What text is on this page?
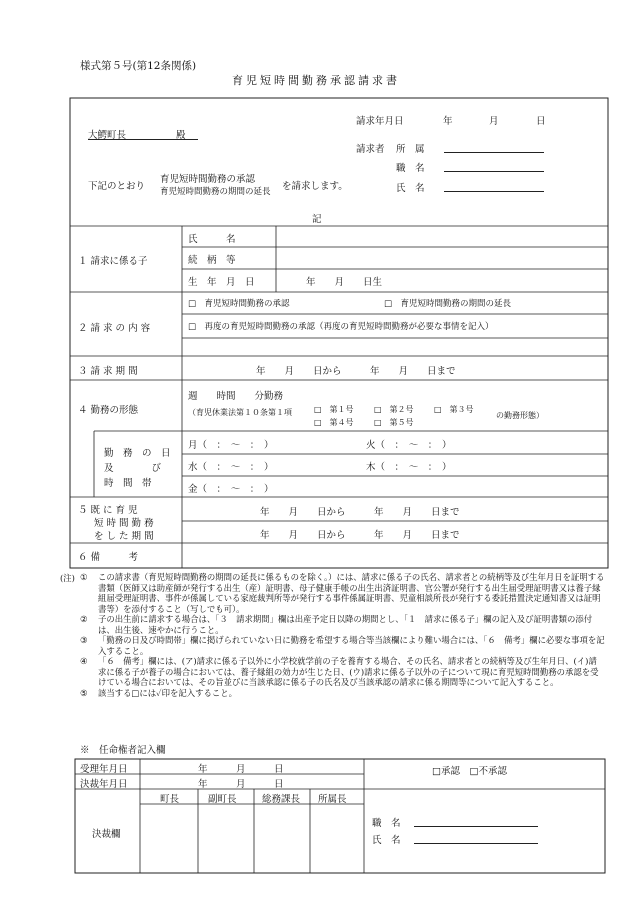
様式第５号(第12条関係)
育児短時間勤務承認請求書
請求年月日	年	月	日
大鰐町長	殿
請求者 所　属
職　名
氏　名
下記のとおり
育児短時間勤務の承認
育児短時間勤務の期間の延長 を請求します。
記
１ 請求に係る子
氏　　　名
続　柄　等
生　年　月　日	年　　月　　日生
２ 請 求 の 内 容
□　育児短時間勤務の承認	□　育児短時間勤務の期間の延長
□　再度の育児短時間勤務の承認（再度の育児短時間勤務が必要な事情を記入）
３ 請 求 期 間	年　　月　　日から　　　年　　月　　日まで
４ 勤務の形態
週　　時間　　分勤務
（育児休業法第１０条第１項	□　第１号	□　第２号	□　第３号
□　第４号	□　第５号
の勤務形態）
勤　務　の　日
及　　　　び
時　間　帯
月（　：　～　：　）	火（　：　～　：　）
水（　：　～　：　）	木（　：　～　：　）
金（　：　～　：　）
５ 既 に 育 児
短 時 間 勤 務
を し た 期 間
年　　月　　日から　　　年　　月　　日まで
年　　月　　日から　　　年　　月　　日まで
６ 備　　　考
(注) ① この請求書（育児短時間勤務の期間の延長に係るものを除く。）には、請求に係る子の氏名、請求者との続柄等及び生年月日を証明する書類（医師又は助産師が発行する出生（産）証明書、母子健康手帳の出生出済証明書、官公署が発行する出生届受理証明書又は養子縁組届受理証明書、事件が係属している家庭裁判所等が発行する事件係属証明書、児童相談所長が発行する委託措置決定通知書又は証明書等）を添付すること（写しでも可）。
② 子の出生前に請求する場合は、「３　請求期間」欄は出産予定日以降の期間とし、「１　請求に係る子」欄の記入及び証明書類の添付は、出生後、速やかに行うこと。
③ 「勤務の日及び時間帯」欄に掲げられていない日に勤務を希望する場合等当該欄により難い場合には、「６　備考」欄に必要な事項を記入すること。
④ 「６　備考」欄には、(ア)請求に係る子以外に小学校就学前の子を養育する場合、その氏名、請求者との続柄等及び生年月日、(イ)請求に係る子が養子の場合においては、養子縁組の効力が生じた日、(ウ)請求に係る子以外の子について現に育児短時間勤務の承認を受けている場合においては、その旨並びに当該承認に係る子の氏名及び当該承認の請求に係る期間等について記入すること。
⑤ 該当する□には✓印を記入すること。
※　任命権者記入欄
受理年月日	年　　　月　　　日
決裁年月日	年　　　月　　　日
□承認　□不承認
決裁欄
町長	副町長	総務課長 所属長
職　名
氏　名
